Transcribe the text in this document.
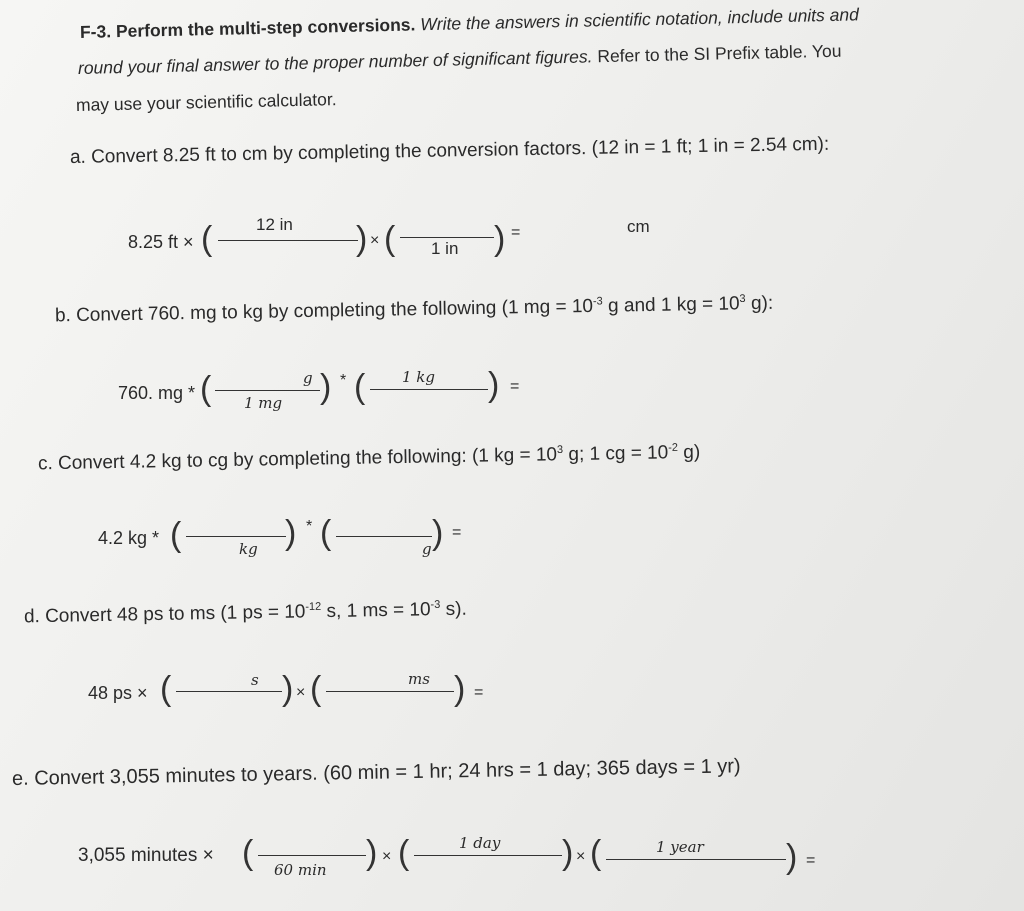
F-3. Perform the multi-step conversions. Write the answers in scientific notation, include units and
round your final answer to the proper number of significant figures. Refer to the SI Prefix table. You
may use your scientific calculator.
a. Convert 8.25 ft to cm by completing the conversion factors. (12 in = 1 ft; 1 in = 2.54 cm):
8.25 ft × (	12 in ) × ( 1 in ) =	cm
b. Convert 760. mg to kg by completing the following (1 mg = $10^{-3}$ g and 1 kg = $10^3$ g):
760. mg * (	g
1 mg ) * ( 1 kg ) =
c. Convert 4.2 kg to cg by completing the following: (1 kg = $10^3$ g; 1 cg = $10^{-2}$ g)
4.2 kg * (	kg ) * (	g ) =
d. Convert 48 ps to ms (1 ps = $10^{-12}$ s, 1 ms = $10^{-3}$ s).
48 ps × (	s ) × (	ms ) =
e. Convert 3,055 minutes to years. (60 min = 1 hr; 24 hrs = 1 day; 365 days = 1 yr)
3,055 minutes × ( 60 min ) × (	1 day ) × (	1 year ) =
